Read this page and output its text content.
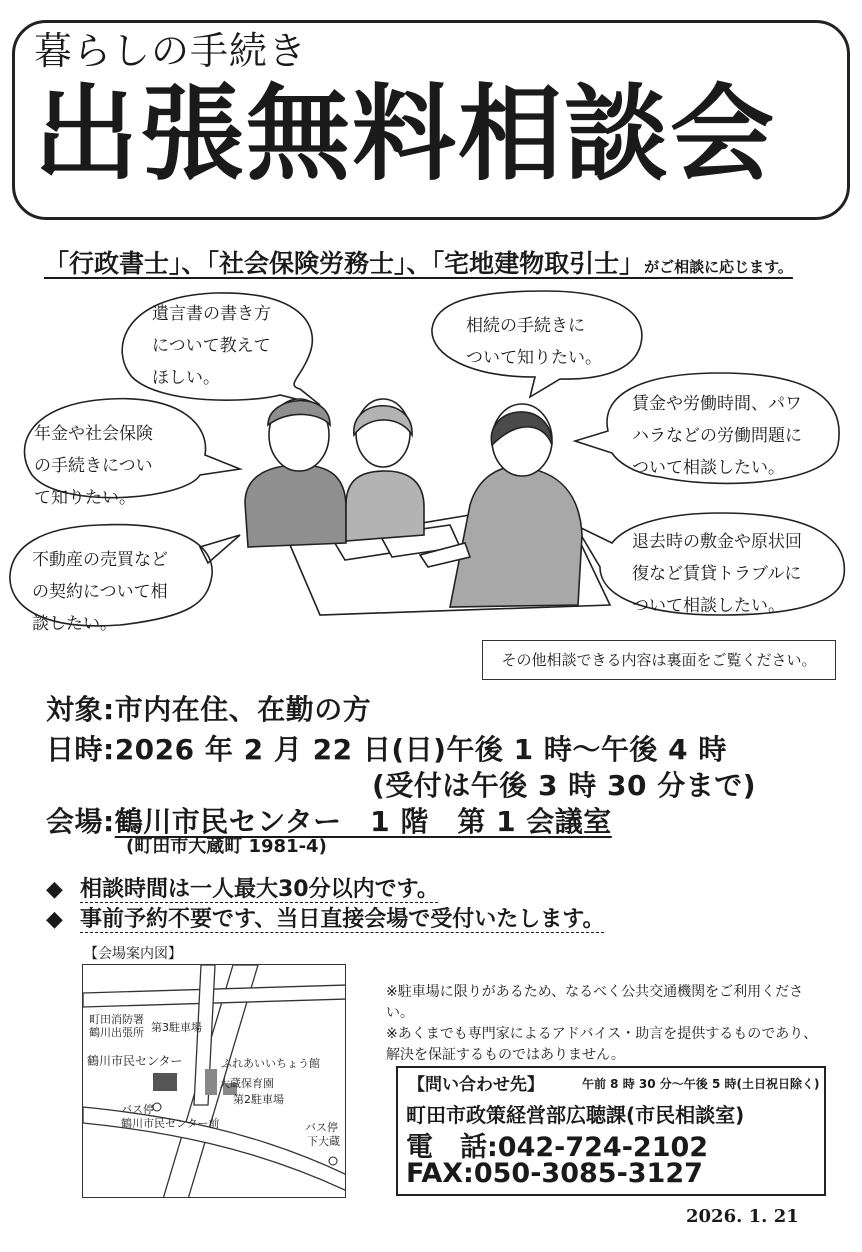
暮らしの手続き
出張無料相談会
「行政書士」、「社会保険労務士」、「宅地建物取引士」がご相談に応じます。
遺言書の書き方
について教えて
ほしい。
相続の手続きに
ついて知りたい。
年金や社会保険
の手続きについ
て知りたい。
賃金や労働時間、パワ
ハラなどの労働問題に
ついて相談したい。
不動産の売買など
の契約について相
談したい。
退去時の敷金や原状回
復など賃貸トラブルに
ついて相談したい。
その他相談できる内容は裏面をご覧ください。
対象:市内在住、在勤の方
日時:2026 年 2 月 22 日(日)午後 1 時～午後 4 時
(受付は午後 3 時 30 分まで)
会場:鶴川市民センター　1 階　第 1 会議室
(町田市大蔵町 1981-4)
◆ 相談時間は一人最大30分以内です。
◆ 事前予約不要です、当日直接会場で受付いたします。
【会場案内図】
町田消防署
鶴川出張所 第3駐車場
鶴川市民センター	ふれあいいちょう館
大蔵保育園
第2駐車場
バス停
鶴川市民センター前	バス停
下大蔵
※駐車場に限りがあるため、なるべく公共交通機関をご利用ください。
※あくまでも専門家によるアドバイス・助言を提供するものであり、解決を保証するものではありません。
【問い合わせ先】	午前 8 時 30 分～午後 5 時(土日祝日除く)
町田市政策経営部広聴課(市民相談室)
電　話:042-724-2102
FAX:050-3085-3127
2026. 1. 21
